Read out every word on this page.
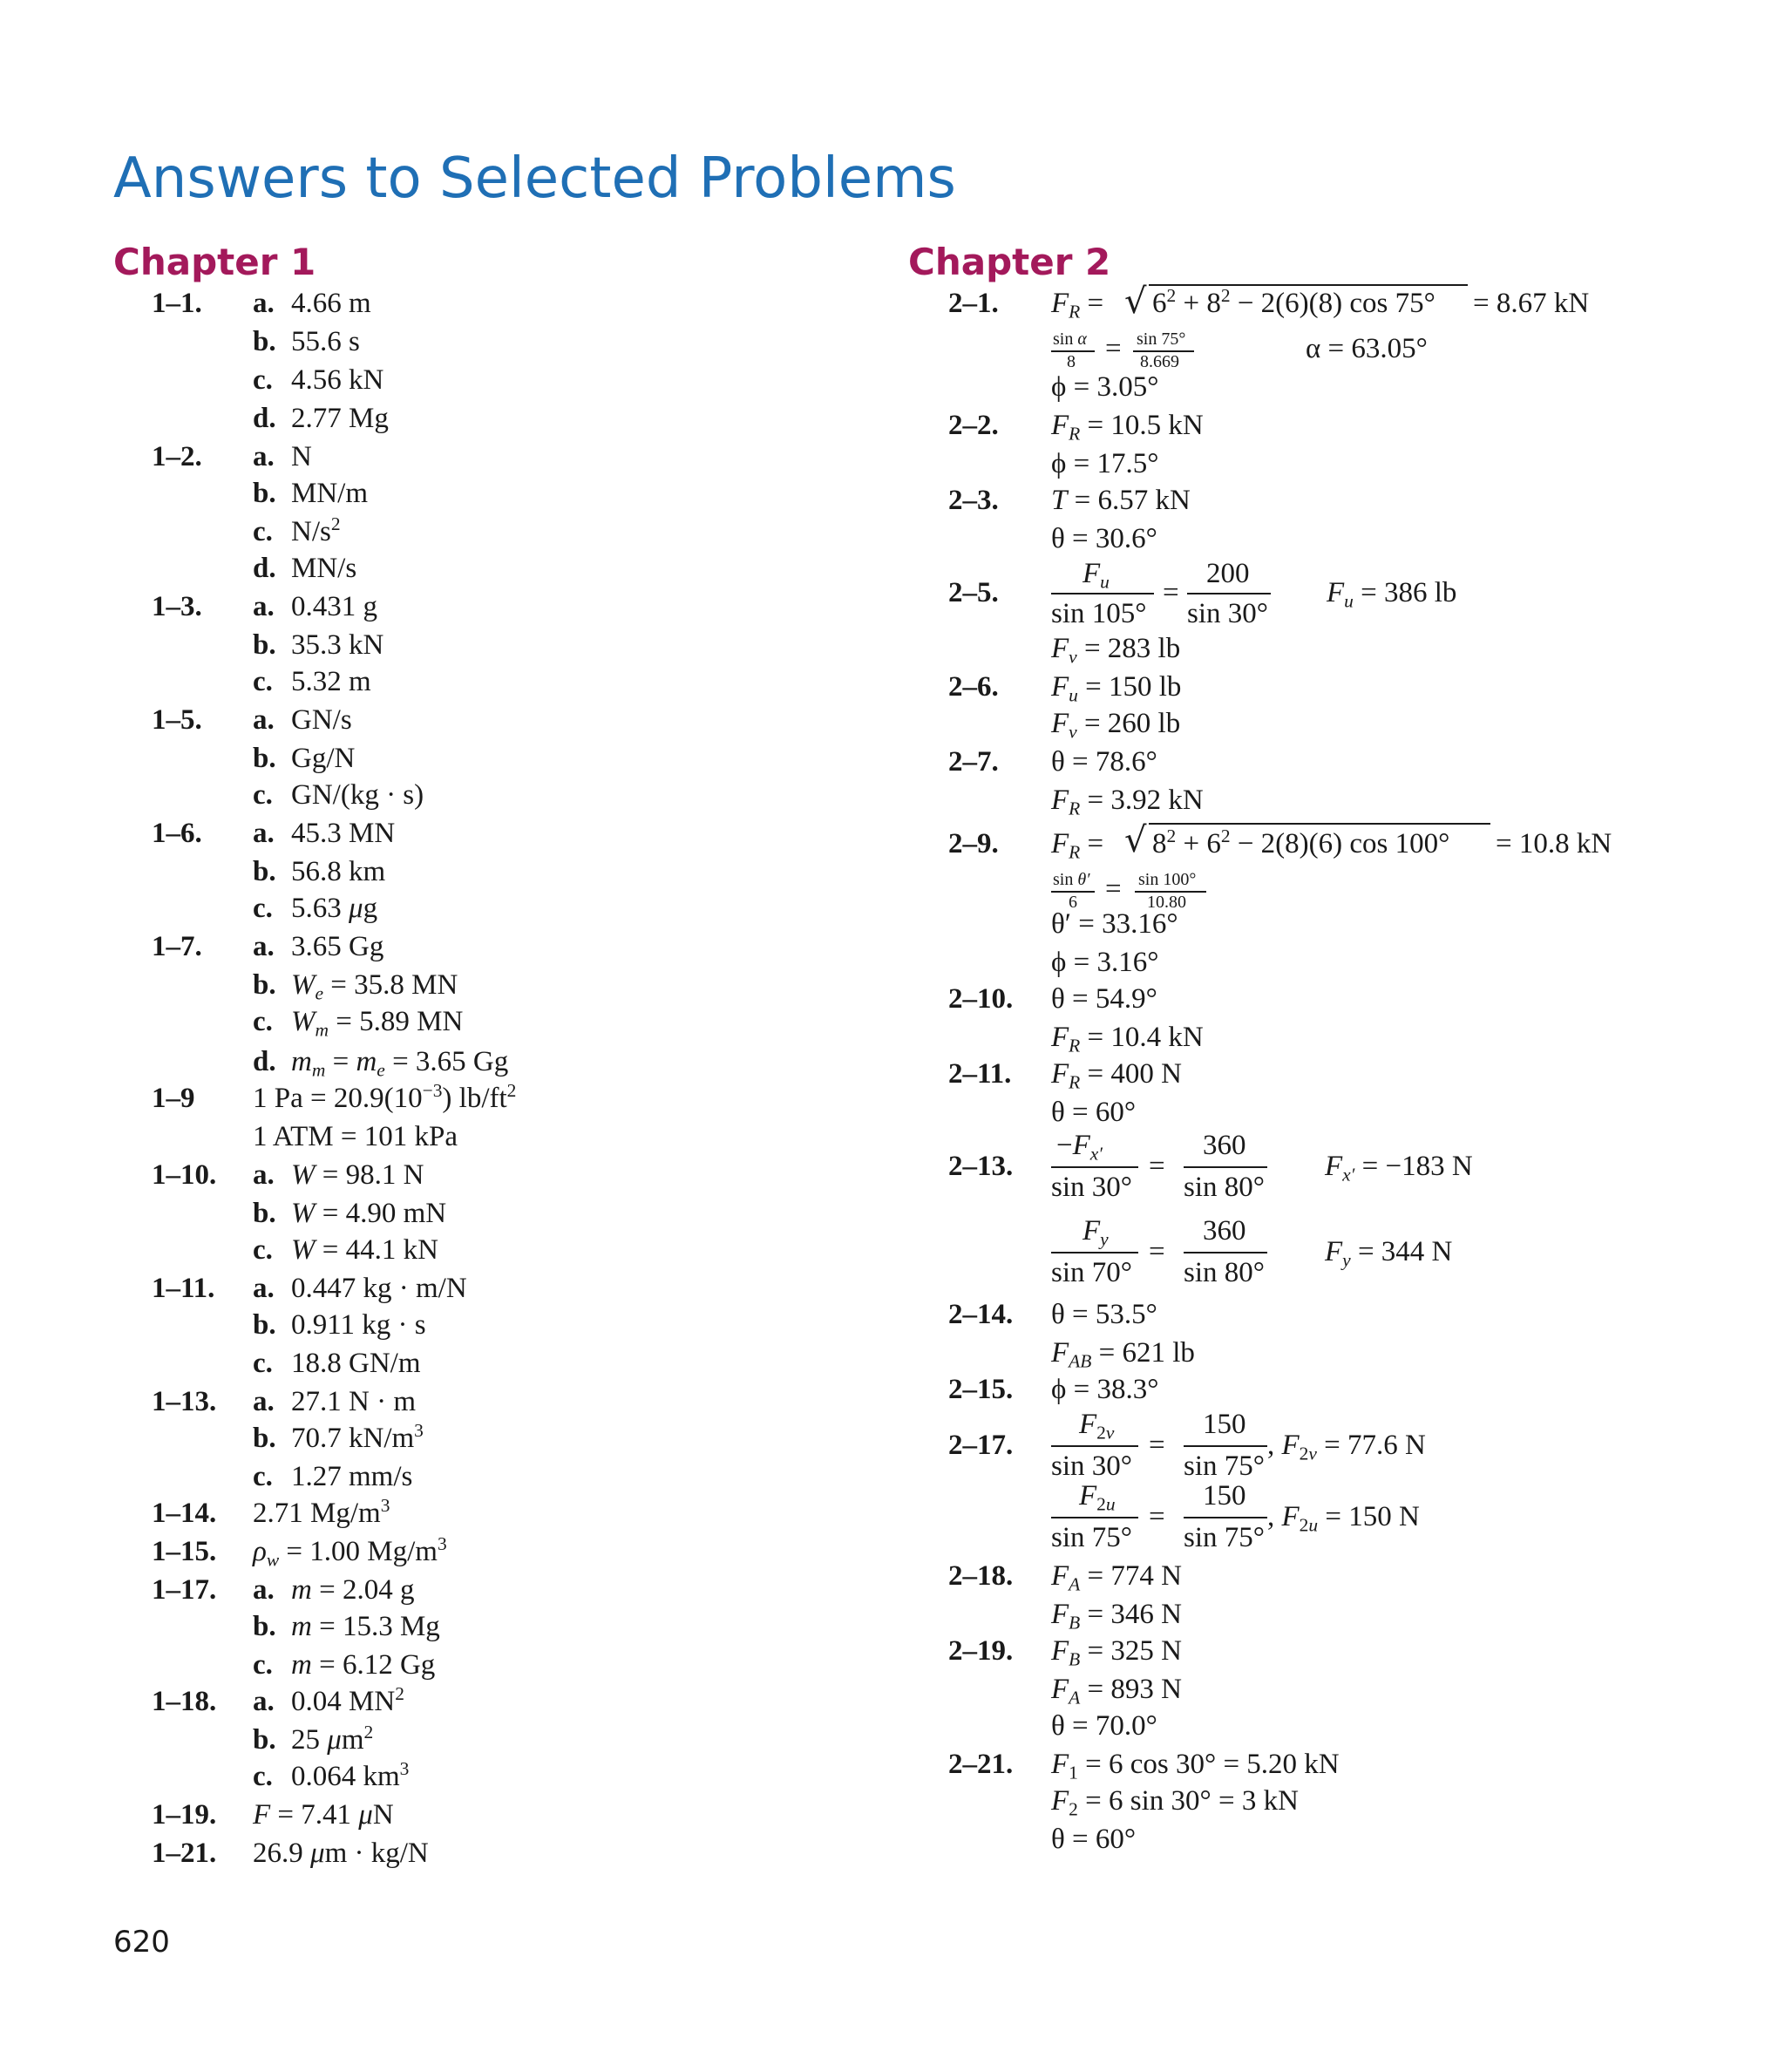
Answers to Selected Problems
Chapter 1
1–1. a. 4.66 m
b. 55.6 s
c. 4.56 kN
d. 2.77 Mg
1–2. a. N
b. MN/m
c. $N/s^2$
d. MN/s
1–3. a. 0.431 g
b. 35.3 kN
c. 5.32 m
1–5. a. GN/s
b. Gg/N
c. GN/(kg · s)
1–6. a. 45.3 MN
b. 56.8 km
c. 5.63 μg
1–7. a. 3.65 Gg
b. $W_e = 35.8$ MN
c. $W_m = 5.89$ MN
d. $m_m = m_e = 3.65$ Gg
1–9 1 $Pa = 20.9(10^{-3})$ $lb/ft^2$
1 ATM = 101 kPa
1–10. a. W = 98.1 N
b. W = 4.90 mN
c. W = 44.1 kN
1–11. a. 0.447 kg · m/N
b. 0.911 kg · s
c. 18.8 GN/m
1–13. a. 27.1 N · m
b. 70.7 $kN/m^3$
c. 1.27 mm/s
1–14. 2.71 $Mg/m^3$
1–15. $\rho_w = 1.00$ $Mg/m^3$
1–17. a. m = 2.04 g
b. m = 15.3 Mg
c. m = 6.12 Gg
1–18. a. 0.04 $MN^2$
b. 25 $\mu m^2$
c. 0.064 $km^3$
1–19. F = 7.41 μN
1–21. 26.9 μm · kg/N
Chapter 2
2–1. $F_R$ = √ $6^2 + 8^2 - 2(6)(8)$ cos 75° = 8.67 kN
sin α
8 = sin 75°
8.669	α = 63.05°
ϕ = 3.05°
2–2. $F_R = 10.5$ kN
ϕ = 17.5°
2–3. T = 6.57 kN
θ = 30.6°
2–5.
$F_u$
sin 105°
=
200
sin 30°
$F_u = 386$ lb
$F_v = 283$ lb
2–6. $F_u = 150$ lb
$F_v = 260$ lb
2–7. θ = 78.6°
$F_R = 3.92$ kN
2–9. $F_R$ = √ $8^2 + 6^2 - 2(8)(6)$ cos 100° = 10.8 kN
sin θ′
6 = sin 100°
10.80
θ′ = 33.16°
ϕ = 3.16°
2–10. θ = 54.9°
$F_R = 10.4$ kN
2–11. $F_R = 400$ N
θ = 60°
2–13.
$-F_{x'}$
sin 30°
=
360
sin 80°
$F_{x'} = -183$ N
$F_y$
sin 70°
=
360
sin 80°
$F_y = 344$ N
2–14. θ = 53.5°
$F_{AB} = 621$ lb
2–15. ϕ = 38.3°
2–17.
$F_{2v}$
sin 30°
=
150
sin 75°
, $F_{2v} = 77.6$ N
$F_{2u}$
sin 75°
=
150
sin 75°
, $F_{2u} = 150$ N
2–18. $F_A = 774$ N
$F_B = 346$ N
2–19. $F_B = 325$ N
$F_A = 893$ N
θ = 70.0°
2–21. $F_1 = 6$ cos 30° = 5.20 kN
$F_2 = 6$ sin 30° = 3 kN
θ = 60°
620
